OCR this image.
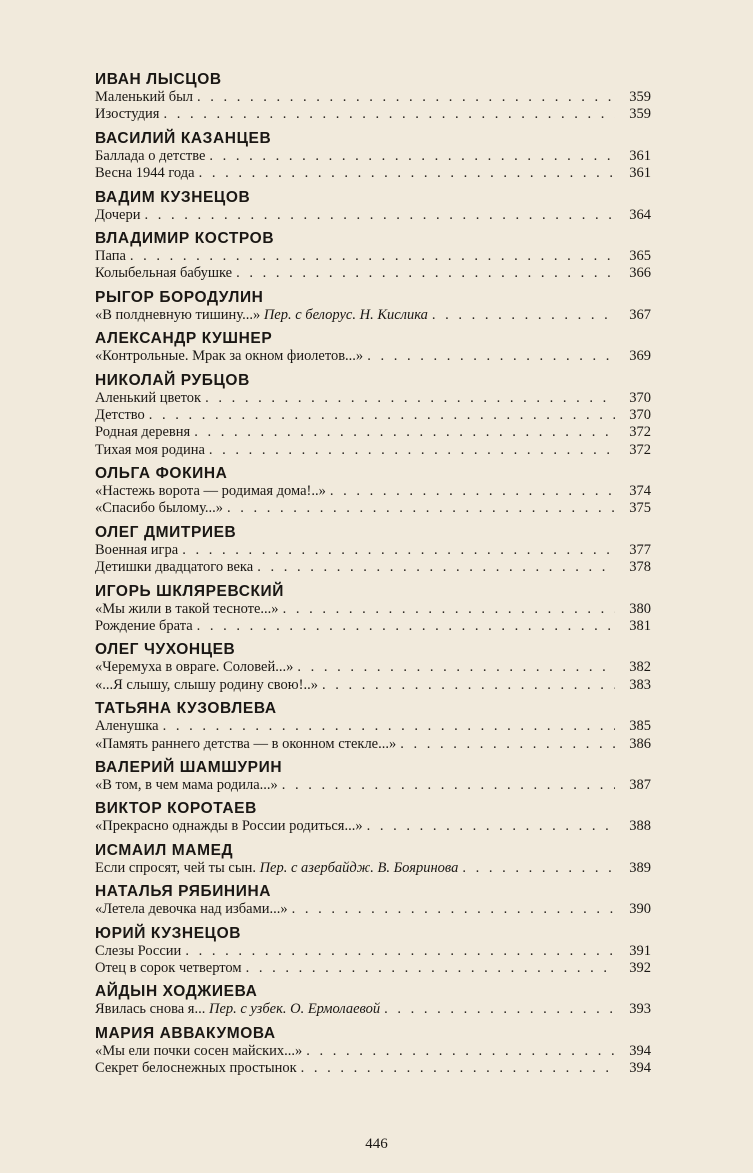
ИВАН ЛЫСЦОВ
Маленький был . . .	359
Изостудия . . .	359
ВАСИЛИЙ КАЗАНЦЕВ
Баллада о детстве . . .	361
Весна 1944 года . . .	361
ВАДИМ КУЗНЕЦОВ
Дочери . . .	364
ВЛАДИМИР КОСТРОВ
Папа . . .	365
Колыбельная бабушке . . .	366
РЫГОР БОРОДУЛИН
«В полдневную тишину...» Пер. с белорус. Н. Кислика . . .	367
АЛЕКСАНДР КУШНЕР
«Контрольные. Мрак за окном фиолетов...» . . .	369
НИКОЛАЙ РУБЦОВ
Аленький цветок . . .	370
Детство . . .	370
Родная деревня . . .	372
Тихая моя родина . . .	372
ОЛЬГА ФОКИНА
«Настежь ворота — родимая дома!..» . . .	374
«Спасибо былому...» . . .	375
ОЛЕГ ДМИТРИЕВ
Военная игра . . .	377
Детишки двадцатого века . . .	378
ИГОРЬ ШКЛЯРЕВСКИЙ
«Мы жили в такой тесноте...» . . .	380
Рождение брата . . .	381
ОЛЕГ ЧУХОНЦЕВ
«Черемуха в овраге. Соловей...» . . .	382
«...Я слышу, слышу родину свою!..» . . .	383
ТАТЬЯНА КУЗОВЛЕВА
Аленушка . . .	385
«Память раннего детства — в оконном стекле...» . . .	386
ВАЛЕРИЙ ШАМШУРИН
«В том, в чем мама родила...» . . .	387
ВИКТОР КОРОТАЕВ
«Прекрасно однажды в России родиться...» . . .	388
ИСМАИЛ МАМЕД
Если спросят, чей ты сын. Пер. с азербайдж. В. Бояринова . . .	389
НАТАЛЬЯ РЯБИНИНА
«Летела девочка над избами...» . . .	390
ЮРИЙ КУЗНЕЦОВ
Слезы России . . .	391
Отец в сорок четвертом . . .	392
АЙДЫН ХОДЖИЕВА
Явилась снова я... Пер. с узбек. О. Ермолаевой . . .	393
МАРИЯ АВВАКУМОВА
«Мы ели почки сосен майских...» . . .	394
Секрет белоснежных простынок . . .	394
446
